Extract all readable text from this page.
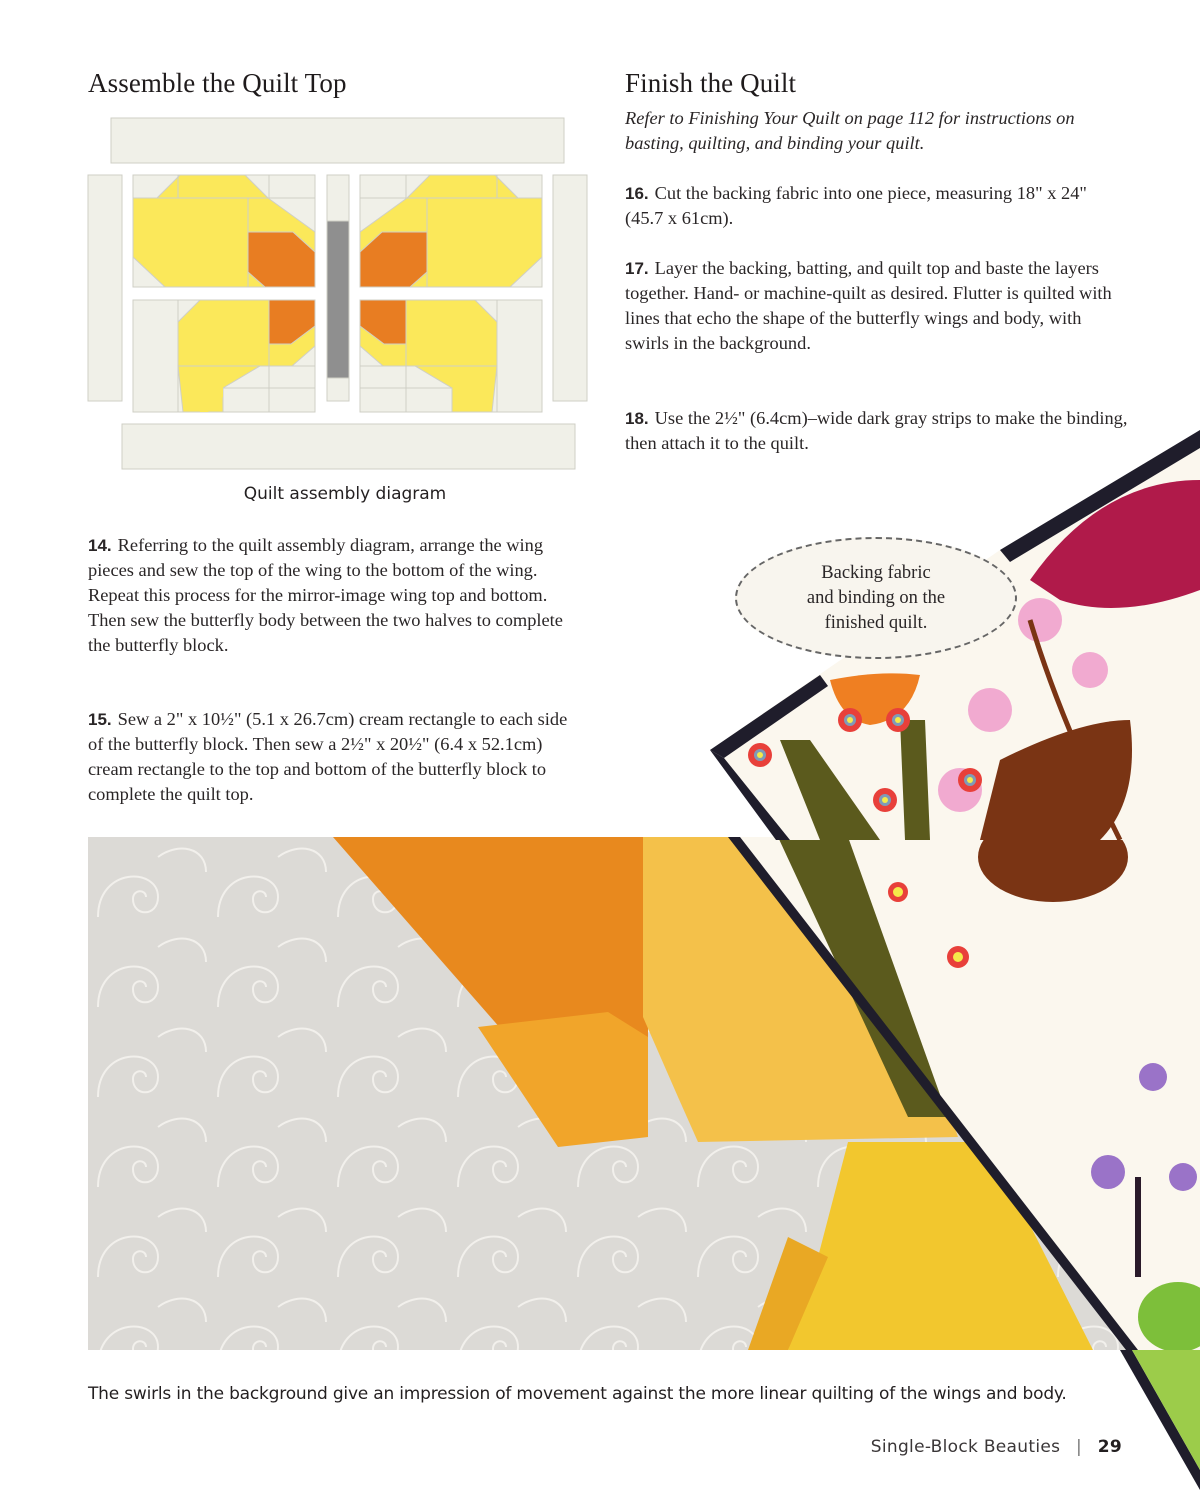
Assemble the Quilt Top
Quilt assembly diagram

14. Referring to the quilt assembly diagram, arrange the wing pieces and sew the top of the wing to the bottom of the wing. Repeat this process for the mirror-image wing top and bottom. Then sew the butterfly body between the two halves to complete the butterfly block.

15. Sew a 2" x 10½" (5.1 x 26.7cm) cream rectangle to each side of the butterfly block. Then sew a 2½" x 20½" (6.4 x 52.1cm) cream rectangle to the top and bottom of the butterfly block to complete the quilt top.

Finish the Quilt

Refer to Finishing Your Quilt on page 112 for instructions on basting, quilting, and binding your quilt.

16. Cut the backing fabric into one piece, measuring 18" x 24" (45.7 x 61cm).

17. Layer the backing, batting, and quilt top and baste the layers together. Hand- or machine-quilt as desired. Flutter is quilted with lines that echo the shape of the butterfly wings and body, with swirls in the background.

18. Use the 2½" (6.4cm)–wide dark gray strips to make the binding, then attach it to the quilt.

Backing fabric
and binding on the
finished quilt.
The swirls in the background give an impression of movement against the more linear quilting of the wings and body.
Single-Block Beauties | 29
